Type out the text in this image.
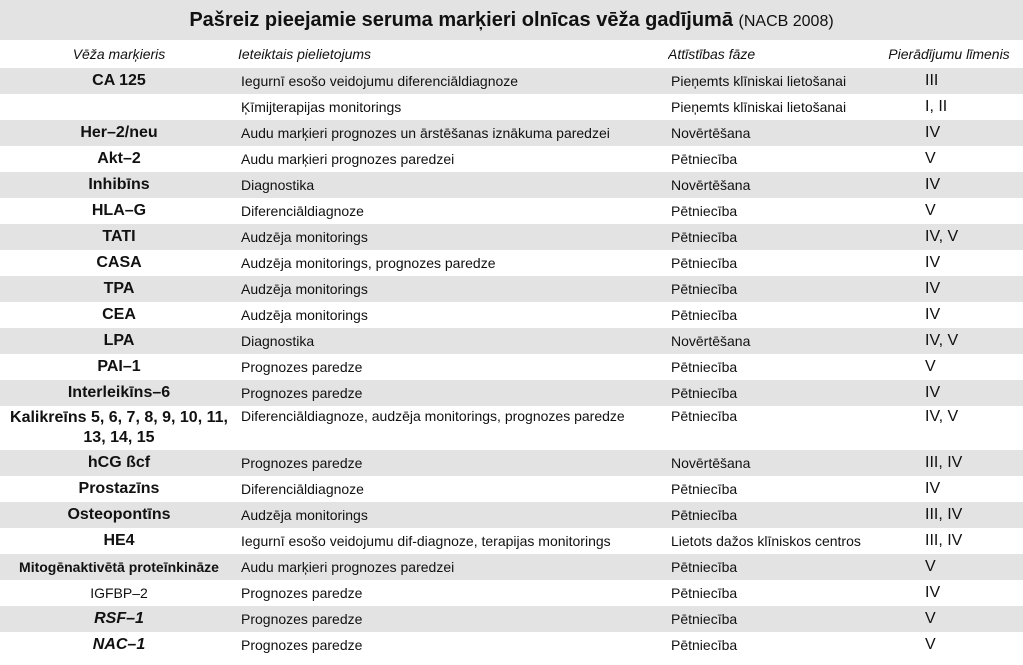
Pašreiz pieejamie seruma marķieri olnīcas vēža gadījumā (NACB 2008)
Vēža marķieris	Ieteiktais pielietojums	Attīstības fāze	Pierādījumu līmenis
CA 125	Iegurnī esošo veidojumu diferenciāldiagnoze	Pieņemts klīniskai lietošanai	III
	Ķīmijterapijas monitorings	Pieņemts klīniskai lietošanai	I, II
Her–2/neu	Audu marķieri prognozes un ārstēšanas iznākuma paredzei	Novērtēšana	IV
Akt–2	Audu marķieri prognozes paredzei	Pētniecība	V
Inhibīns	Diagnostika	Novērtēšana	IV
HLA–G	Diferenciāldiagnoze	Pētniecība	V
TATI	Audzēja monitorings	Pētniecība	IV, V
CASA	Audzēja monitorings, prognozes paredze	Pētniecība	IV
TPA	Audzēja monitorings	Pētniecība	IV
CEA	Audzēja monitorings	Pētniecība	IV
LPA	Diagnostika	Novērtēšana	IV, V
PAI–1	Prognozes paredze	Pētniecība	V
Interleikīns–6	Prognozes paredze	Pētniecība	IV
Kalikreīns 5, 6, 7, 8, 9, 10, 11, 13, 14, 15	Diferenciāldiagnoze, audzēja monitorings, prognozes paredze	Pētniecība	IV, V
hCG ßcf	Prognozes paredze	Novērtēšana	III, IV
Prostazīns	Diferenciāldiagnoze	Pētniecība	IV
Osteopontīns	Audzēja monitorings	Pētniecība	III, IV
HE4	Iegurnī esošo veidojumu dif-diagnoze, terapijas monitorings	Lietots dažos klīniskos centros	III, IV
Mitogēnaktivētā proteīnkināze	Audu marķieri prognozes paredzei	Pētniecība	V
IGFBP–2	Prognozes paredze	Pētniecība	IV
RSF–1	Prognozes paredze	Pētniecība	V
NAC–1	Prognozes paredze	Pētniecība	V
